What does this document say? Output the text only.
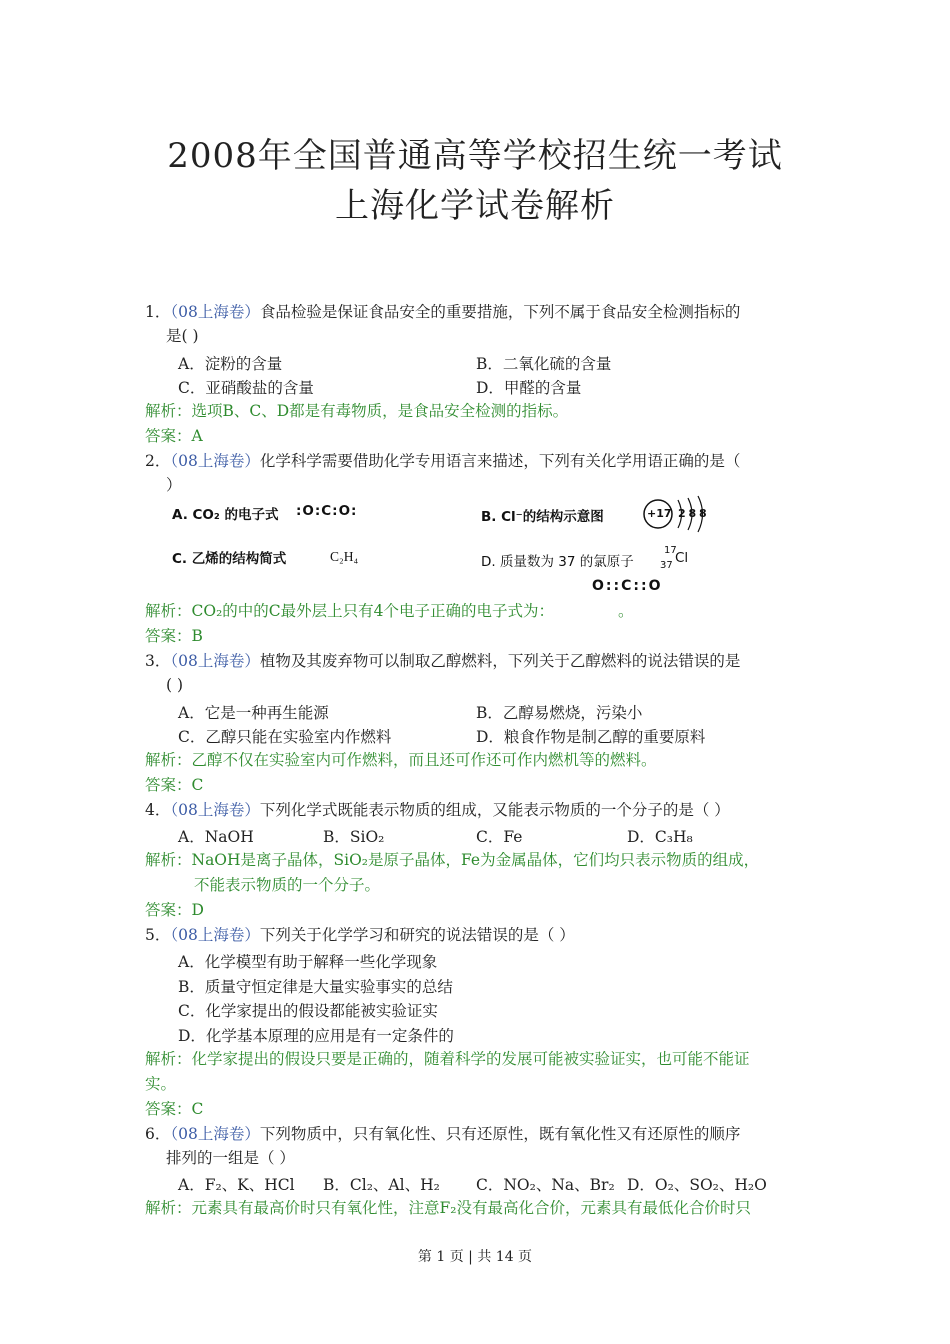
2008年全国普通高等学校招生统一考试
上海化学试卷解析
1．（08上海卷）食品检验是保证食品安全的重要措施，下列不属于食品安全检测指标的
是( )
A．淀粉的含量	B．二氧化硫的含量
C．亚硝酸盐的含量	D．甲醛的含量
解析：选项B、C、D都是有毒物质，是食品安全检测的指标。
答案：A
2．（08上海卷）化学科学需要借助化学专用语言来描述，下列有关化学用语正确的是（
）
A. CO₂ 的电子式 :O:C:O:	B. Cl⁻的结构示意图	+17 2 8 8
C. 乙烯的结构简式	C₂H₄	D. 质量数为 37 的氯原子
17
37 Cl
O::C::O
解析：CO₂的中的C最外层上只有4个电子正确的电子式为：	。
答案：B
3．（08上海卷）植物及其废弃物可以制取乙醇燃料，下列关于乙醇燃料的说法错误的是
( )
A．它是一种再生能源	B．乙醇易燃烧，污染小
C．乙醇只能在实验室内作燃料	D．粮食作物是制乙醇的重要原料
解析：乙醇不仅在实验室内可作燃料，而且还可作还可作内燃机等的燃料。
答案：C
4．（08上海卷）下列化学式既能表示物质的组成，又能表示物质的一个分子的是（ ）
A．NaOH	B．SiO₂	C．Fe	D．C₃H₈
解析：NaOH是离子晶体，SiO₂是原子晶体，Fe为金属晶体，它们均只表示物质的组成，
不能表示物质的一个分子。
答案：D
5．（08上海卷）下列关于化学学习和研究的说法错误的是（ ）
A．化学模型有助于解释一些化学现象
B．质量守恒定律是大量实验事实的总结
C．化学家提出的假设都能被实验证实
D．化学基本原理的应用是有一定条件的
解析：化学家提出的假设只要是正确的，随着科学的发展可能被实验证实，也可能不能证
实。
答案：C
6．（08上海卷）下列物质中，只有氧化性、只有还原性，既有氧化性又有还原性的顺序
排列的一组是（ ）
A．F₂、K、HCl B．Cl₂、Al、H₂ C．NO₂、Na、Br₂ D．O₂、SO₂、H₂O
解析：元素具有最高价时只有氧化性，注意F₂没有最高化合价，元素具有最低化合价时只
第 1 页 | 共 14 页
